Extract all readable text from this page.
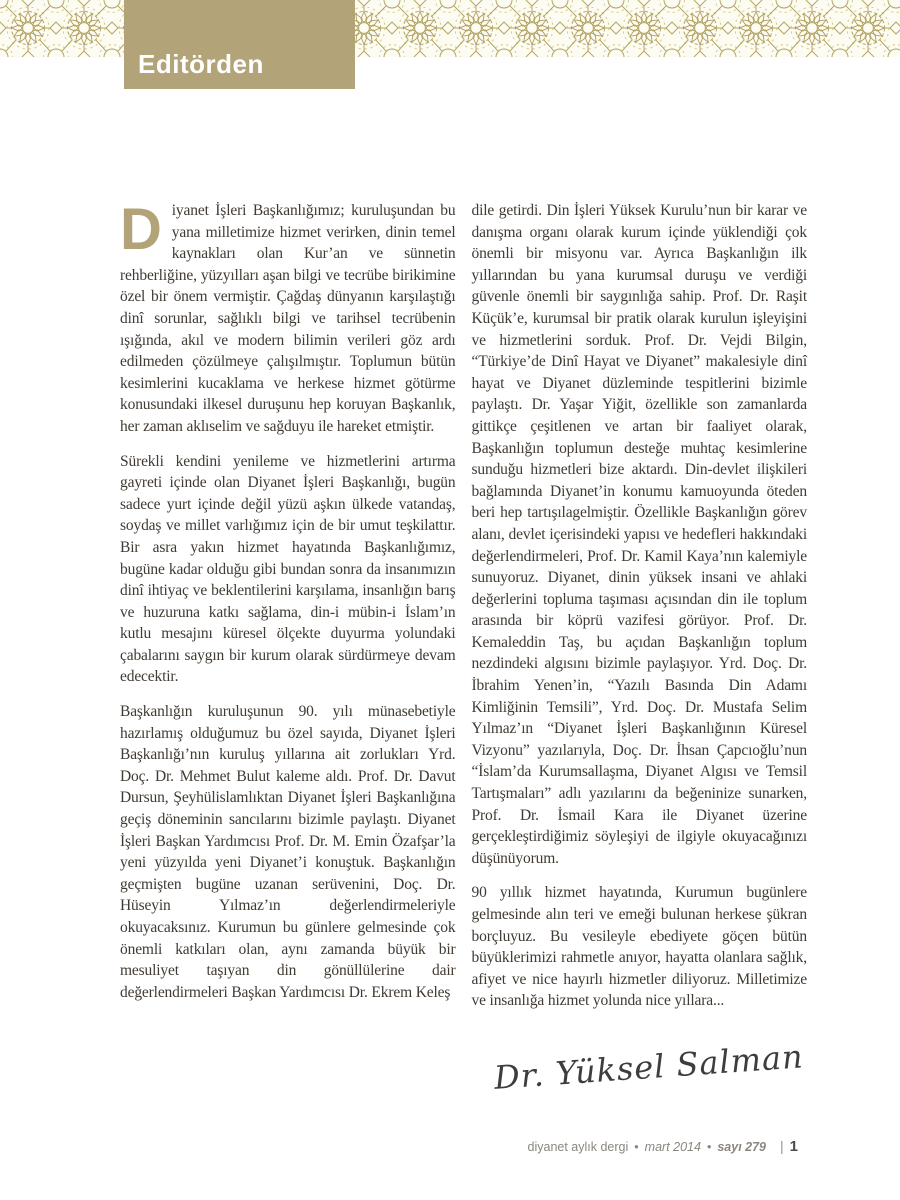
Editörden

Diyanet İşleri Başkanlığımız; kuruluşundan bu yana milletimize hizmet verirken, dinin temel kaynakları olan Kur’an ve sünnetin rehberliğine, yüzyılları aşan bilgi ve tecrübe birikimine özel bir önem vermiştir. Çağdaş dünyanın karşılaştığı dinî sorunlar, sağlıklı bilgi ve tarihsel tecrübenin ışığında, akıl ve modern bilimin verileri göz ardı edilmeden çözülmeye çalışılmıştır. Toplumun bütün kesimlerini kucaklama ve herkese hizmet götürme konusundaki ilkesel duruşunu hep koruyan Başkanlık, her zaman aklıselim ve sağduyu ile hareket etmiştir.

Sürekli kendini yenileme ve hizmetlerini artırma gayreti içinde olan Diyanet İşleri Başkanlığı, bugün sadece yurt içinde değil yüzü aşkın ülkede vatandaş, soydaş ve millet varlığımız için de bir umut teşkilattır. Bir asra yakın hizmet hayatında Başkanlığımız, bugüne kadar olduğu gibi bundan sonra da insanımızın dinî ihtiyaç ve beklentilerini karşılama, insanlığın barış ve huzuruna katkı sağlama, din-i mübin-i İslam’ın kutlu mesajını küresel ölçekte duyurma yolundaki çabalarını saygın bir kurum olarak sürdürmeye devam edecektir.

Başkanlığın kuruluşunun 90. yılı münasebetiyle hazırlamış olduğumuz bu özel sayıda, Diyanet İşleri Başkanlığı’nın kuruluş yıllarına ait zorlukları Yrd. Doç. Dr. Mehmet Bulut kaleme aldı. Prof. Dr. Davut Dursun, Şeyhülislamlıktan Diyanet İşleri Başkanlığına geçiş döneminin sancılarını bizimle paylaştı. Diyanet İşleri Başkan Yardımcısı Prof. Dr. M. Emin Özafşar’la yeni yüzyılda yeni Diyanet’i konuştuk. Başkanlığın geçmişten bugüne uzanan serüvenini, Doç. Dr. Hüseyin Yılmaz’ın değerlendirmeleriyle okuyacaksınız. Kurumun bu günlere gelmesinde çok önemli katkıları olan, aynı zamanda büyük bir mesuliyet taşıyan din gönüllülerine dair değerlendirmeleri Başkan Yardımcısı Dr. Ekrem Keleş

dile getirdi. Din İşleri Yüksek Kurulu’nun bir karar ve danışma organı olarak kurum içinde yüklendiği çok önemli bir misyonu var. Ayrıca Başkanlığın ilk yıllarından bu yana kurumsal duruşu ve verdiği güvenle önemli bir saygınlığa sahip. Prof. Dr. Raşit Küçük’e, kurumsal bir pratik olarak kurulun işleyişini ve hizmetlerini sorduk. Prof. Dr. Vejdi Bilgin, “Türkiye’de Dinî Hayat ve Diyanet” makalesiyle dinî hayat ve Diyanet düzleminde tespitlerini bizimle paylaştı. Dr. Yaşar Yiğit, özellikle son zamanlarda gittikçe çeşitlenen ve artan bir faaliyet olarak, Başkanlığın toplumun desteğe muhtaç kesimlerine sunduğu hizmetleri bize aktardı. Din-devlet ilişkileri bağlamında Diyanet’in konumu kamuoyunda öteden beri hep tartışılagelmiştir. Özellikle Başkanlığın görev alanı, devlet içerisindeki yapısı ve hedefleri hakkındaki değerlendirmeleri, Prof. Dr. Kamil Kaya’nın kalemiyle sunuyoruz. Diyanet, dinin yüksek insani ve ahlaki değerlerini topluma taşıması açısından din ile toplum arasında bir köprü vazifesi görüyor. Prof. Dr. Kemaleddin Taş, bu açıdan Başkanlığın toplum nezdindeki algısını bizimle paylaşıyor. Yrd. Doç. Dr. İbrahim Yenen’in, “Yazılı Basında Din Adamı Kimliğinin Temsili”, Yrd. Doç. Dr. Mustafa Selim Yılmaz’ın “Diyanet İşleri Başkanlığının Küresel Vizyonu” yazılarıyla, Doç. Dr. İhsan Çapcıoğlu’nun “İslam’da Kurumsallaşma, Diyanet Algısı ve Temsil Tartışmaları” adlı yazılarını da beğeninize sunarken, Prof. Dr. İsmail Kara ile Diyanet üzerine gerçekleştirdiğimiz söyleşiyi de ilgiyle okuyacağınızı düşünüyorum.

90 yıllık hizmet hayatında, Kurumun bugünlere gelmesinde alın teri ve emeği bulunan herkese şükran borçluyuz. Bu vesileyle ebediyete göçen bütün büyüklerimizi rahmetle anıyor, hayatta olanlara sağlık, afiyet ve nice hayırlı hizmetler diliyoruz. Milletimize ve insanlığa hizmet yolunda nice yıllara...

Dr. Yüksel Salman
diyanet aylık dergi • mart 2014 • sayı 279 | 1
